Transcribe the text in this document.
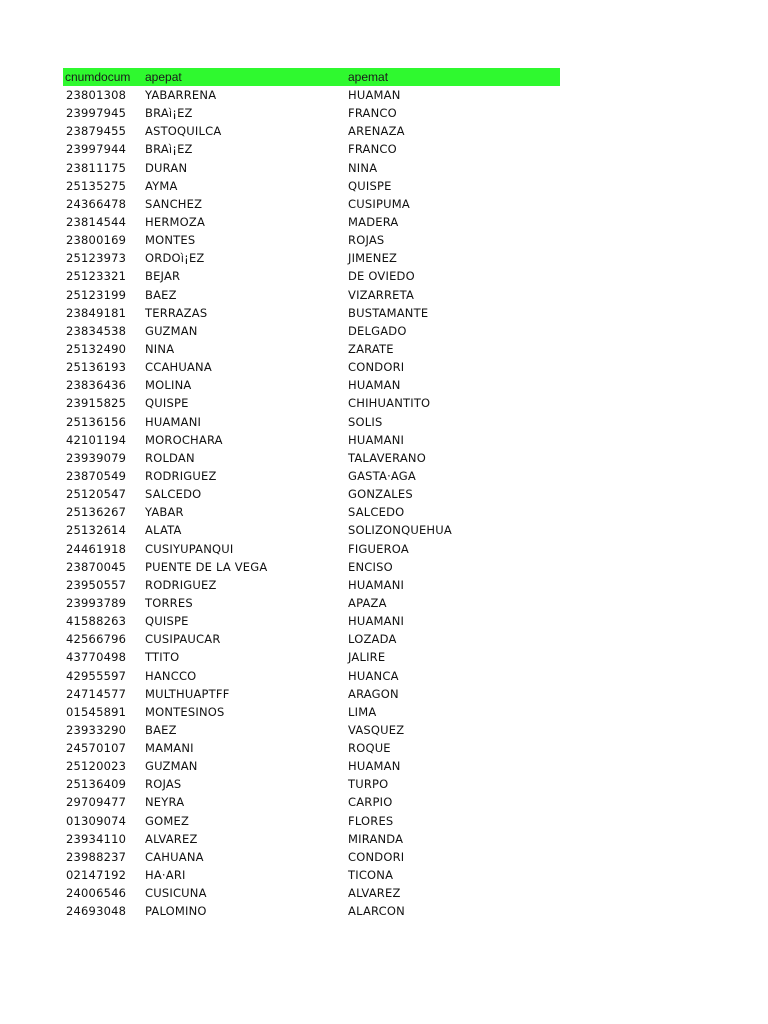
cnumdocum	apepat	apemat
23801308	YABARRENA	HUAMAN
23997945	BRAì¡EZ	FRANCO
23879455	ASTOQUILCA	ARENAZA
23997944	BRAì¡EZ	FRANCO
23811175	DURAN	NINA
25135275	AYMA	QUISPE
24366478	SANCHEZ	CUSIPUMA
23814544	HERMOZA	MADERA
23800169	MONTES	ROJAS
25123973	ORDOì¡EZ	JIMENEZ
25123321	BEJAR	DE OVIEDO
25123199	BAEZ	VIZARRETA
23849181	TERRAZAS	BUSTAMANTE
23834538	GUZMAN	DELGADO
25132490	NINA	ZARATE
25136193	CCAHUANA	CONDORI
23836436	MOLINA	HUAMAN
23915825	QUISPE	CHIHUANTITO
25136156	HUAMANI	SOLIS
42101194	MOROCHARA	HUAMANI
23939079	ROLDAN	TALAVERANO
23870549	RODRIGUEZ	GASTA·AGA
25120547	SALCEDO	GONZALES
25136267	YABAR	SALCEDO
25132614	ALATA	SOLIZONQUEHUA
24461918	CUSIYUPANQUI	FIGUEROA
23870045	PUENTE DE LA VEGA	ENCISO
23950557	RODRIGUEZ	HUAMANI
23993789	TORRES	APAZA
41588263	QUISPE	HUAMANI
42566796	CUSIPAUCAR	LOZADA
43770498	TTITO	JALIRE
42955597	HANCCO	HUANCA
24714577	MULTHUAPTFF	ARAGON
01545891	MONTESINOS	LIMA
23933290	BAEZ	VASQUEZ
24570107	MAMANI	ROQUE
25120023	GUZMAN	HUAMAN
25136409	ROJAS	TURPO
29709477	NEYRA	CARPIO
01309074	GOMEZ	FLORES
23934110	ALVAREZ	MIRANDA
23988237	CAHUANA	CONDORI
02147192	HA·ARI	TICONA
24006546	CUSICUNA	ALVAREZ
24693048	PALOMINO	ALARCON
